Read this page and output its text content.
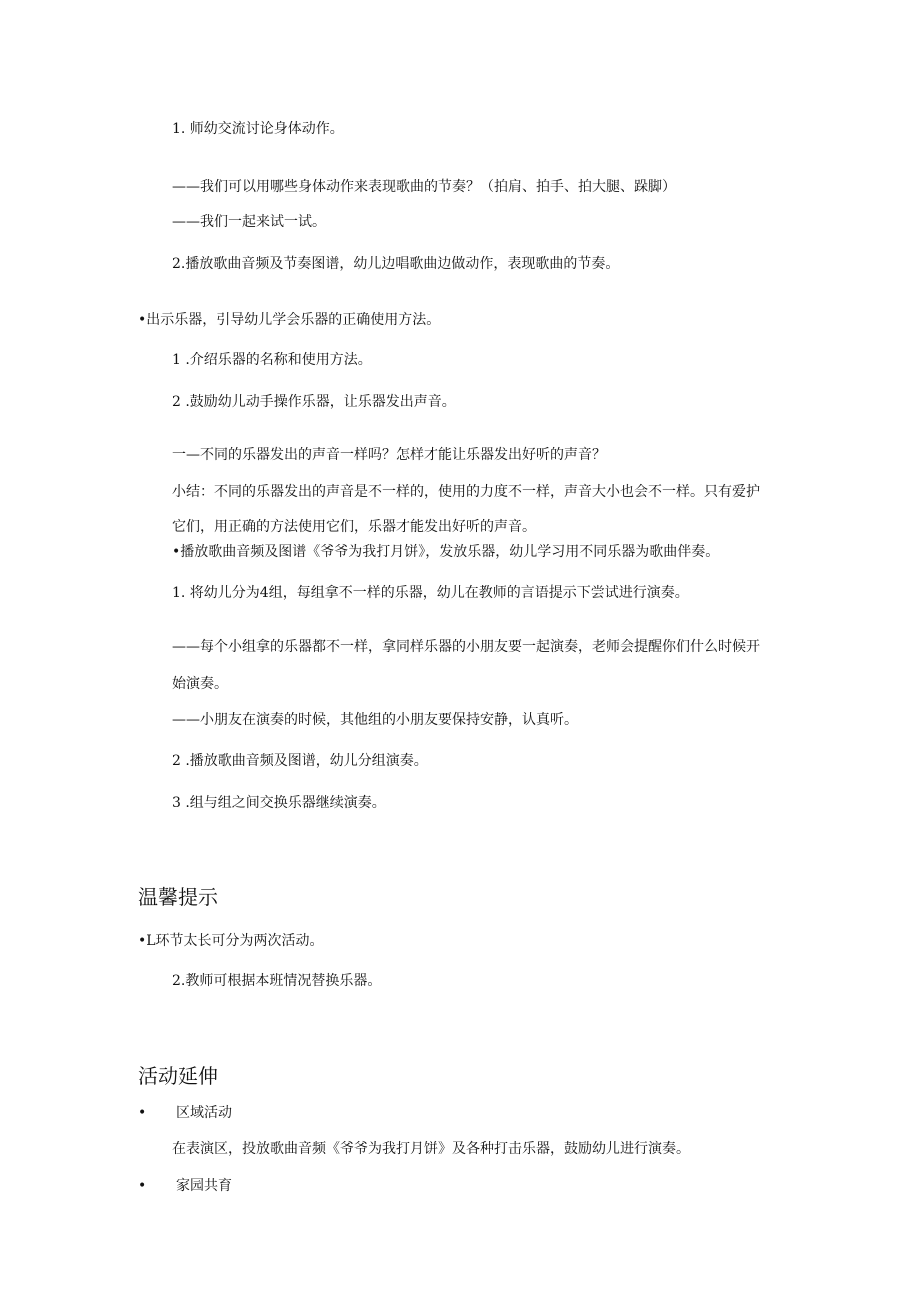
1. 师幼交流讨论身体动作。
——我们可以用哪些身体动作来表现歌曲的节奏？（拍肩、拍手、拍大腿、跺脚）
——我们一起来试一试。
2.播放歌曲音频及节奏图谱，幼儿边唱歌曲边做动作，表现歌曲的节奏。
•出示乐器，引导幼儿学会乐器的正确使用方法。
1 .介绍乐器的名称和使用方法。
2 .鼓励幼儿动手操作乐器，让乐器发出声音。
一—不同的乐器发出的声音一样吗？怎样才能让乐器发出好听的声音？
小结：不同的乐器发出的声音是不一样的，使用的力度不一样，声音大小也会不一样。只有爱护
它们，用正确的方法使用它们，乐器才能发出好听的声音。
•播放歌曲音频及图谱《爷爷为我打月饼》，发放乐器，幼儿学习用不同乐器为歌曲伴奏。
1. 将幼儿分为4组，每组拿不一样的乐器，幼儿在教师的言语提示下尝试进行演奏。
——每个小组拿的乐器都不一样，拿同样乐器的小朋友要一起演奏，老师会提醒你们什么时候开
始演奏。
——小朋友在演奏的时候，其他组的小朋友要保持安静，认真听。
2 .播放歌曲音频及图谱，幼儿分组演奏。
3 .组与组之间交换乐器继续演奏。
温馨提示
•L环节太长可分为两次活动。
2.教师可根据本班情况替换乐器。
活动延伸
• 区域活动
在表演区，投放歌曲音频《爷爷为我打月饼》及各种打击乐器，鼓励幼儿进行演奏。
• 家园共育
